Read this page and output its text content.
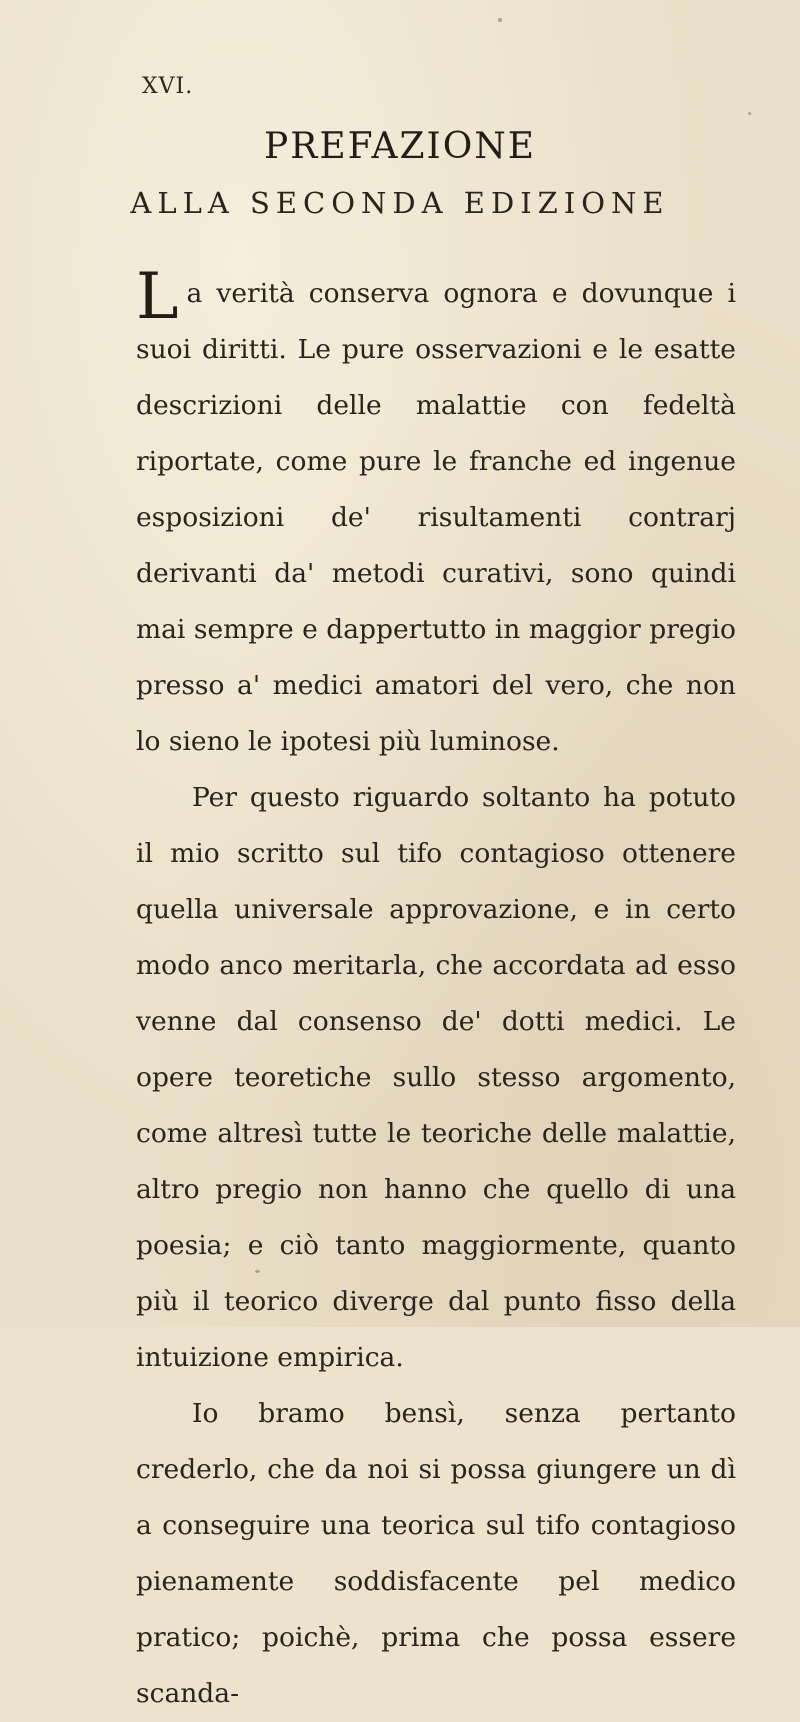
XVI.
PREFAZIONE
ALLA SECONDA EDIZIONE

La verità conserva ognora e dovunque i suoi diritti. Le pure osservazioni e le esatte descrizioni delle malattie con fedeltà riportate, come pure le franche ed ingenue esposizioni de' risultamenti contrarj derivanti da' metodi curativi, sono quindi mai sempre e dappertutto in maggior pregio presso a' medici amatori del vero, che non lo sieno le ipotesi più luminose.

Per questo riguardo soltanto ha potuto il mio scritto sul tifo contagioso ottenere quella universale approvazione, e in certo modo anco meritarla, che accordata ad esso venne dal consenso de' dotti medici. Le opere teoretiche sullo stesso argomento, come altresì tutte le teoriche delle malattie, altro pregio non hanno che quello di una poesia; e ciò tanto maggiormente, quanto più il teorico diverge dal punto fisso della intuizione empirica.

Io bramo bensì, senza pertanto crederlo, che da noi si possa giungere un dì a conseguire una teorica sul tifo contagioso pienamente soddisfacente pel medico pratico; poichè, prima che possa essere scanda-
